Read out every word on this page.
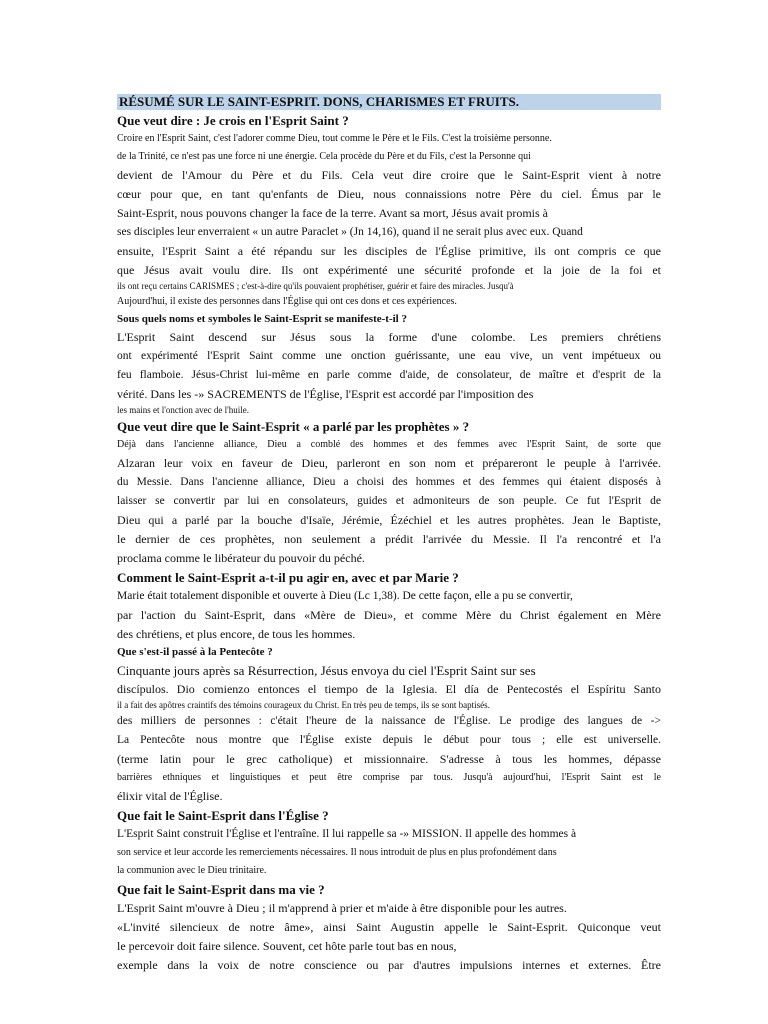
RÉSUMÉ SUR LE SAINT-ESPRIT. DONS, CHARISMES ET FRUITS.
Que veut dire : Je crois en l'Esprit Saint ?
Croire en l'Esprit Saint, c'est l'adorer comme Dieu, tout comme le Père et le Fils. C'est la troisième personne.
de la Trinité, ce n'est pas une force ni une énergie. Cela procède du Père et du Fils, c'est la Personne qui
devient de l'Amour du Père et du Fils. Cela veut dire croire que le Saint-Esprit vient à notre
cœur pour que, en tant qu'enfants de Dieu, nous connaissions notre Père du ciel. Émus par le
Saint-Esprit, nous pouvons changer la face de la terre. Avant sa mort, Jésus avait promis à
ses disciples leur enverraient « un autre Paraclet » (Jn 14,16), quand il ne serait plus avec eux. Quand
ensuite, l'Esprit Saint a été répandu sur les disciples de l'Église primitive, ils ont compris ce que
que Jésus avait voulu dire. Ils ont expérimenté une sécurité profonde et la joie de la foi et
ils ont reçu certains CARISMES ; c'est-à-dire qu'ils pouvaient prophétiser, guérir et faire des miracles. Jusqu'à
Aujourd'hui, il existe des personnes dans l'Église qui ont ces dons et ces expériences.
Sous quels noms et symboles le Saint-Esprit se manifeste-t-il ?
L'Esprit Saint descend sur Jésus sous la forme d'une colombe. Les premiers chrétiens
ont expérimenté l'Esprit Saint comme une onction guérissante, une eau vive, un vent impétueux ou
feu flamboie. Jésus-Christ lui-même en parle comme d'aide, de consolateur, de maître et d'esprit de la
vérité. Dans les -» SACREMENTS de l'Église, l'Esprit est accordé par l'imposition des
les mains et l'onction avec de l'huile.
Que veut dire que le Saint-Esprit « a parlé par les prophètes » ?
Déjà dans l'ancienne alliance, Dieu a comblé des hommes et des femmes avec l'Esprit Saint, de sorte que
Alzaran leur voix en faveur de Dieu, parleront en son nom et prépareront le peuple à l'arrivée.
du Messie. Dans l'ancienne alliance, Dieu a choisi des hommes et des femmes qui étaient disposés à
laisser se convertir par lui en consolateurs, guides et admoniteurs de son peuple. Ce fut l'Esprit de
Dieu qui a parlé par la bouche d'Isaïe, Jérémie, Ézéchiel et les autres prophètes. Jean le Baptiste,
le dernier de ces prophètes, non seulement a prédit l'arrivée du Messie. Il l'a rencontré et l'a
proclama comme le libérateur du pouvoir du péché.
Comment le Saint-Esprit a-t-il pu agir en, avec et par Marie ?
Marie était totalement disponible et ouverte à Dieu (Lc 1,38). De cette façon, elle a pu se convertir,
par l'action du Saint-Esprit, dans «Mère de Dieu», et comme Mère du Christ également en Mère
des chrétiens, et plus encore, de tous les hommes.
Que s'est-il passé à la Pentecôte ?
Cinquante jours après sa Résurrection, Jésus envoya du ciel l'Esprit Saint sur ses
discípulos. Dio comienzo entonces el tiempo de la Iglesia. El día de Pentecostés el Espíritu Santo
il a fait des apôtres craintifs des témoins courageux du Christ. En très peu de temps, ils se sont baptisés.
des milliers de personnes : c'était l'heure de la naissance de l'Église. Le prodige des langues de ->
La Pentecôte nous montre que l'Église existe depuis le début pour tous ; elle est universelle.
(terme latin pour le grec catholique) et missionnaire. S'adresse à tous les hommes, dépasse
barrières ethniques et linguistiques et peut être comprise par tous. Jusqu'à aujourd'hui, l'Esprit Saint est le
élixir vital de l'Église.
Que fait le Saint-Esprit dans l'Église ?
L'Esprit Saint construit l'Église et l'entraîne. Il lui rappelle sa -» MISSION. Il appelle des hommes à
son service et leur accorde les remerciements nécessaires. Il nous introduit de plus en plus profondément dans
la communion avec le Dieu trinitaire.
Que fait le Saint-Esprit dans ma vie ?
L'Esprit Saint m'ouvre à Dieu ; il m'apprend à prier et m'aide à être disponible pour les autres.
«L'invité silencieux de notre âme», ainsi Saint Augustin appelle le Saint-Esprit. Quiconque veut
le percevoir doit faire silence. Souvent, cet hôte parle tout bas en nous,
exemple dans la voix de notre conscience ou par d'autres impulsions internes et externes. Être
